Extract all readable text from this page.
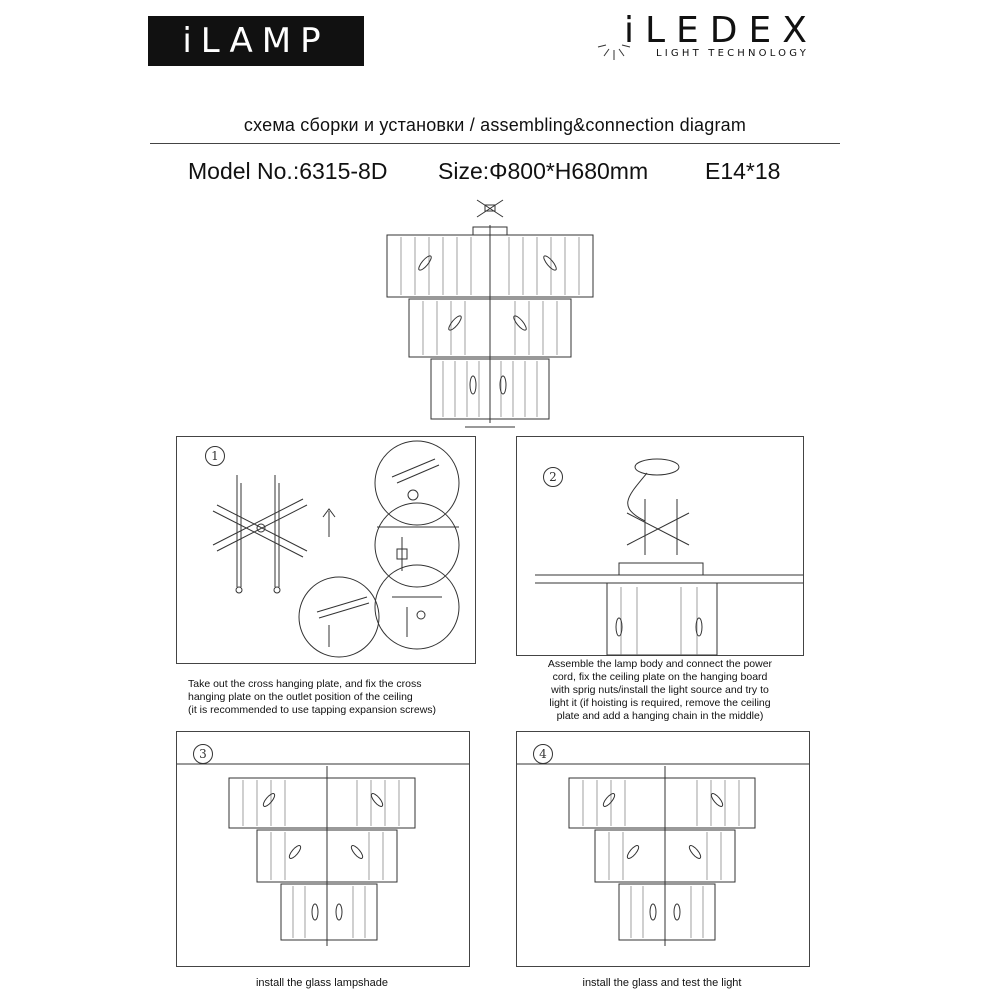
iLAMP	iLEDEX
LIGHT TECHNOLOGY
схема сборки и установки / assembling&connection diagram
Model No.:6315-8D Size:Φ800*H680mm E14*18
1
Take out the cross hanging plate, and fix the cross
hanging plate on the outlet position of the ceiling
(it is recommended to use tapping expansion screws)
2
Assemble the lamp body and connect the power
cord, fix the ceiling plate on the hanging board
with sprig nuts/install the light source and try to
light it (if hoisting is required, remove the ceiling
plate and add a hanging chain in the middle)
3
install the glass lampshade
4
install the glass and test the light
